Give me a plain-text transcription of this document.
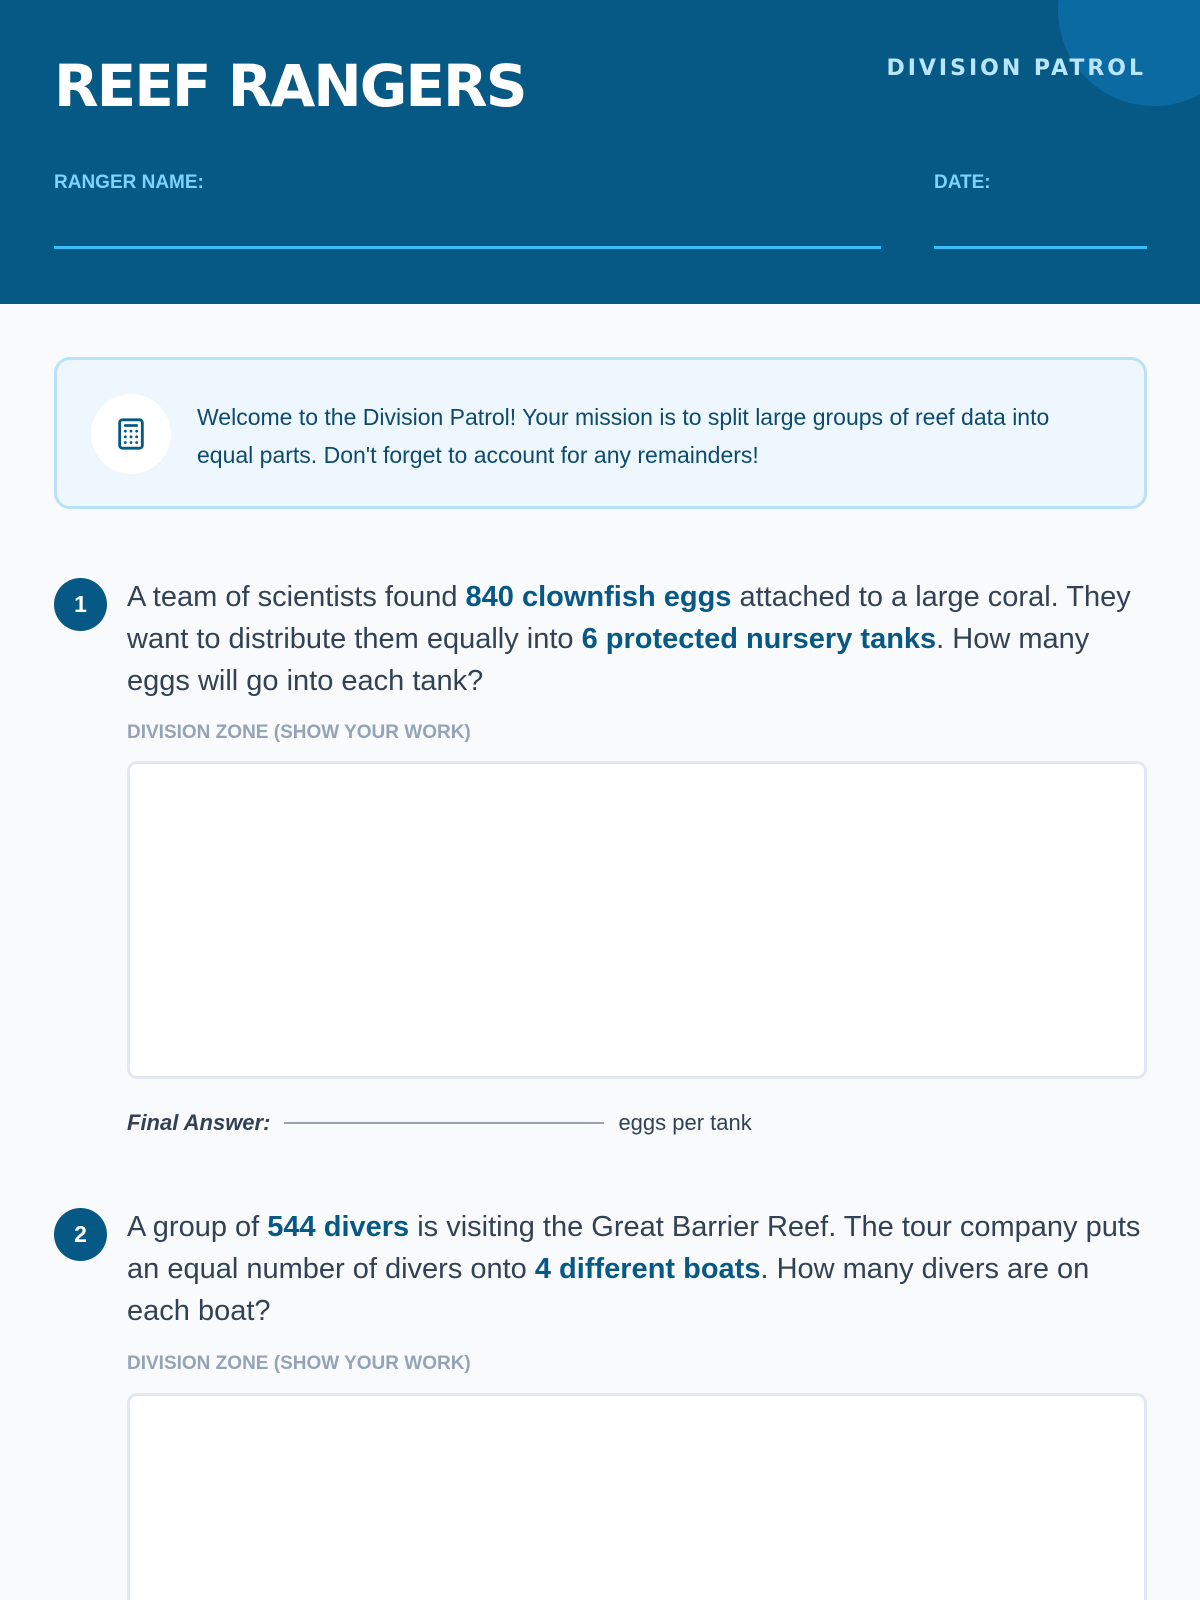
REEF RANGERS	DIVISION PATROL
RANGER NAME:	DATE:
Welcome to the Division Patrol! Your mission is to split large groups of reef data into equal parts. Don't forget to account for any remainders!
1	A team of scientists found 840 clownfish eggs attached to a large coral. They want to distribute them equally into 6 protected nursery tanks. How many eggs will go into each tank?
DIVISION ZONE (SHOW YOUR WORK)
Final Answer:	eggs per tank
2	A group of 544 divers is visiting the Great Barrier Reef. The tour company puts an equal number of divers onto 4 different boats. How many divers are on each boat?
DIVISION ZONE (SHOW YOUR WORK)
